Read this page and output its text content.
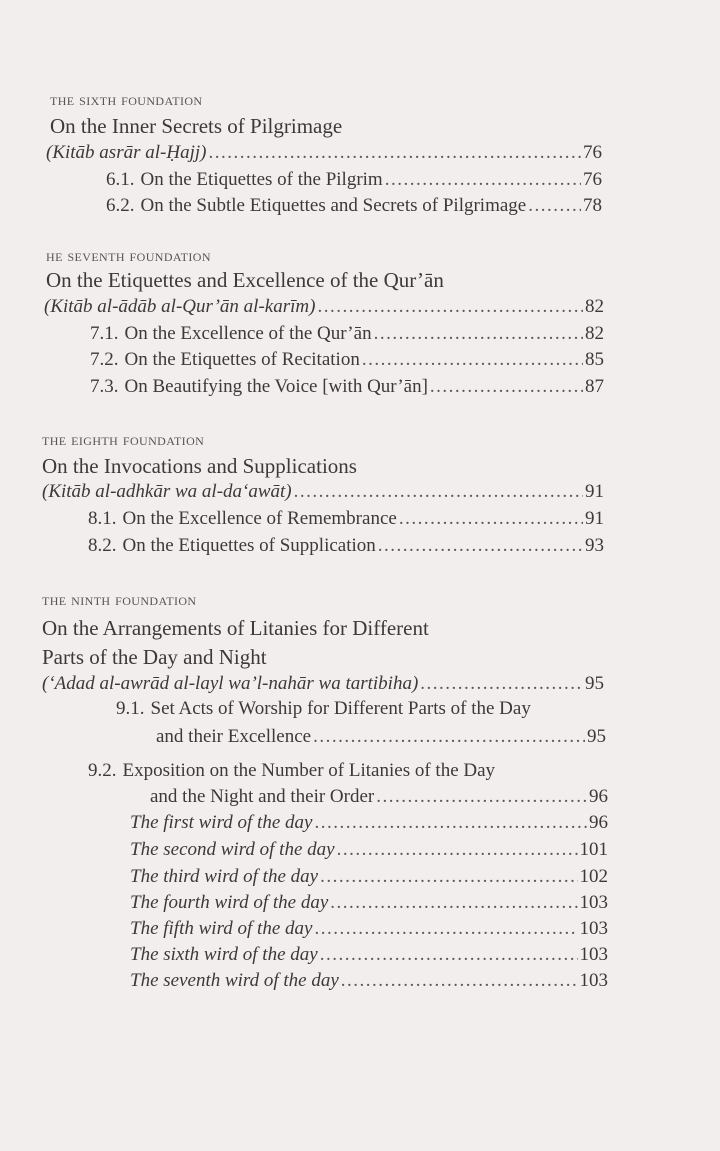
the sixth foundation
On the Inner Secrets of Pilgrimage
(Kitāb asrār al-Ḥajj) .....	76
6.1. On the Etiquettes of the Pilgrim .....	76
6.2. On the Subtle Etiquettes and Secrets of Pilgrimage .....	78
he seventh foundation
On the Etiquettes and Excellence of the Qur’ān
(Kitāb al-ādāb al-Qur’ān al-karīm) .....	82
7.1. On the Excellence of the Qur’ān .....	82
7.2. On the Etiquettes of Recitation .....	85
7.3. On Beautifying the Voice [with Qur’ān] .....	87
the eighth foundation
On the Invocations and Supplications
(Kitāb al-adhkār wa al-da‘awāt) .....	91
8.1. On the Excellence of Remembrance .....	91
8.2. On the Etiquettes of Supplication .....	93
the ninth foundation
On the Arrangements of Litanies for Different
Parts of the Day and Night
(‘Adad al-awrād al-layl wa’l-nahār wa tartibiha) .....	95
9.1. Set Acts of Worship for Different Parts of the Day
and their Excellence .....	95
9.2. Exposition on the Number of Litanies of the Day
and the Night and their Order .....	96
The first wird of the day .....	96
The second wird of the day .....	101
The third wird of the day .....	102
The fourth wird of the day .....	103
The fifth wird of the day .....	103
The sixth wird of the day .....	103
The seventh wird of the day .....	103
